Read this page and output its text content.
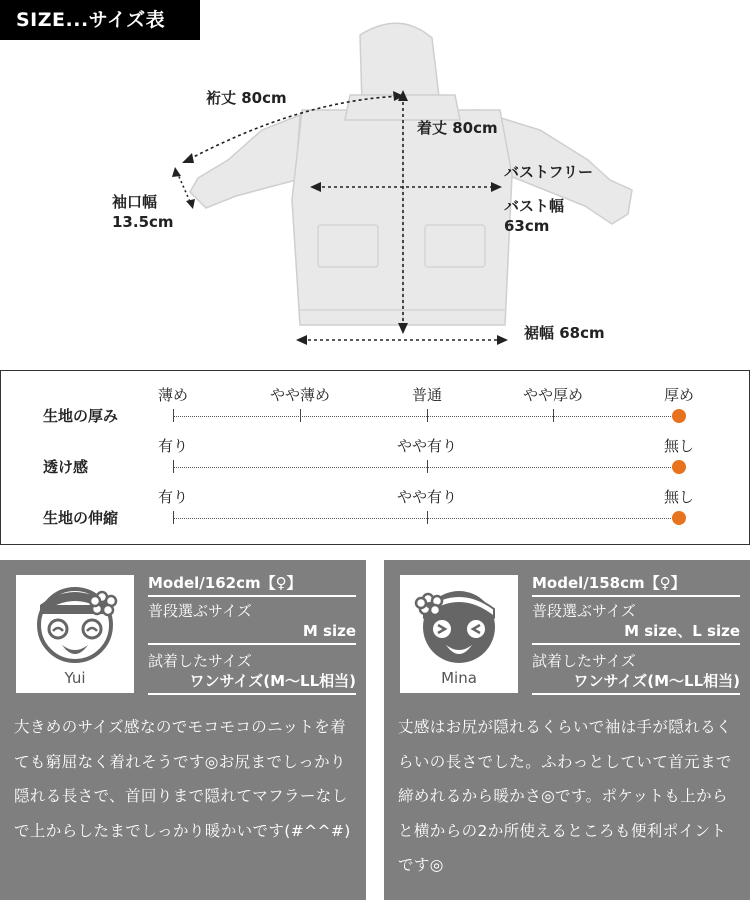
SIZE...サイズ表
裄丈 80cm
着丈 80cm
バストフリー
バスト幅
63cm
袖口幅
13.5cm
裾幅 68cm
生地の厚み
薄め	やや薄め	普通	やや厚め	厚め
透け感
有り	やや有り	無し
生地の伸縮
有り	やや有り	無し
Yui
Model/162cm【♀】
普段選ぶサイズ
M size
試着したサイズ
ワンサイズ(M〜LL相当)
大きめのサイズ感なのでモコモコのニットを着ても窮屈なく着れそうです◎お尻までしっかり隠れる長さで、首回りまで隠れてマフラーなしで上からしたまでしっかり暖かいです(#^^#)
Mina
Model/158cm【♀】
普段選ぶサイズ
M size、L size
試着したサイズ
ワンサイズ(M〜LL相当)
丈感はお尻が隠れるくらいで袖は手が隠れるくらいの長さでした。ふわっとしていて首元まで締めれるから暖かさ◎です。ポケットも上からと横からの2か所使えるところも便利ポイントです◎
